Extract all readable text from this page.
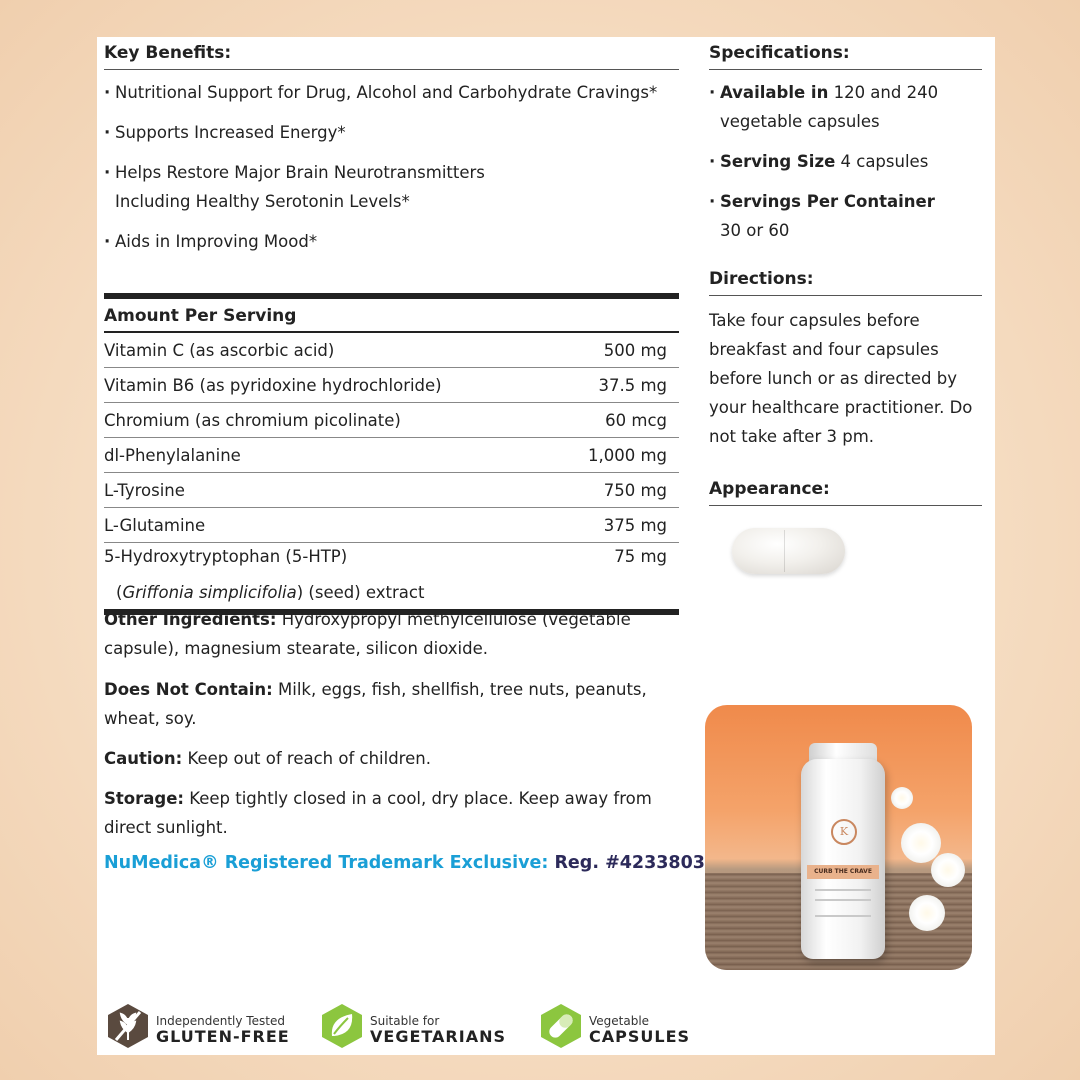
Key Benefits:
· Nutritional Support for Drug, Alcohol and Carbohydrate Cravings*
· Supports Increased Energy*
· Helps Restore Major Brain Neurotransmitters
Including Healthy Serotonin Levels*
· Aids in Improving Mood*
Amount Per Serving
Vitamin C (as ascorbic acid)	500 mg
Vitamin B6 (as pyridoxine hydrochloride)	37.5 mg
Chromium (as chromium picolinate)	60 mcg
dl-Phenylalanine	1,000 mg
L-Tyrosine	750 mg
L-Glutamine	375 mg
5-Hydroxytryptophan (5-HTP)	75 mg
(Griffonia simplicifolia) (seed) extract
Other Ingredients: Hydroxypropyl methylcellulose (vegetable capsule), magnesium stearate, silicon dioxide.
Does Not Contain: Milk, eggs, fish, shellfish, tree nuts, peanuts, wheat, soy.
Caution: Keep out of reach of children.
Storage: Keep tightly closed in a cool, dry place. Keep away from direct sunlight.
NuMedica® Registered Trademark Exclusive: Reg. #4233803
Specifications:
· Available in 120 and 240 vegetable capsules
· Serving Size 4 capsules
· Servings Per Container
30 or 60
Directions:
Take four capsules before breakfast and four capsules before lunch or as directed by your healthcare practitioner. Do not take after 3 pm.
Appearance:
K
CURB THE CRAVE
Independently Tested
GLUTEN-FREE
Suitable for
VEGETARIANS
Vegetable
CAPSULES
